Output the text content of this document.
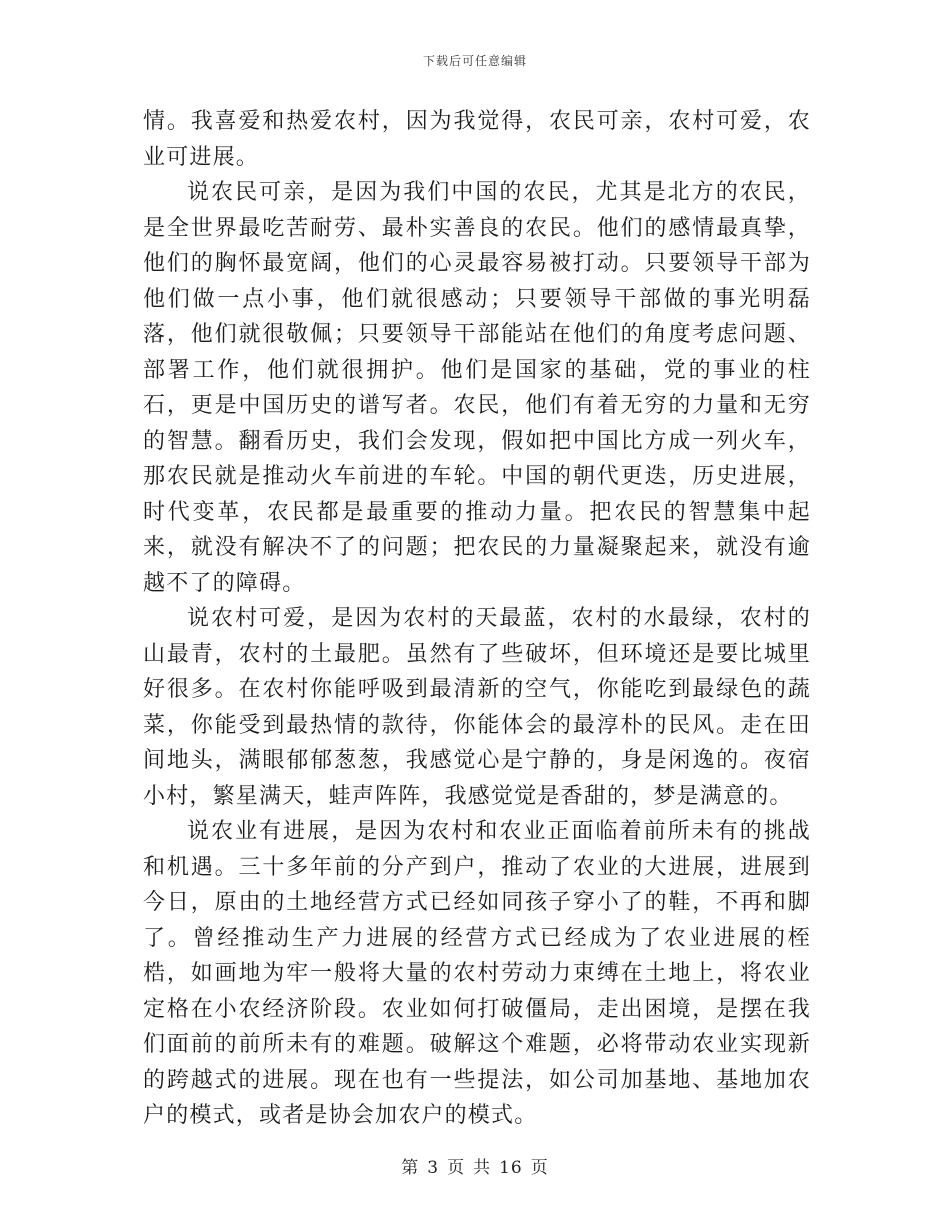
下载后可任意编辑

情。我喜爱和热爱农村，因为我觉得，农民可亲，农村可爱，农业可进展。

说农民可亲，是因为我们中国的农民，尤其是北方的农民，是全世界最吃苦耐劳、最朴实善良的农民。他们的感情最真挚，他们的胸怀最宽阔，他们的心灵最容易被打动。只要领导干部为他们做一点小事，他们就很感动；只要领导干部做的事光明磊落，他们就很敬佩；只要领导干部能站在他们的角度考虑问题、部署工作，他们就很拥护。他们是国家的基础，党的事业的柱石，更是中国历史的谱写者。农民，他们有着无穷的力量和无穷的智慧。翻看历史，我们会发现，假如把中国比方成一列火车，那农民就是推动火车前进的车轮。中国的朝代更迭，历史进展，时代变革，农民都是最重要的推动力量。把农民的智慧集中起来，就没有解决不了的问题；把农民的力量凝聚起来，就没有逾越不了的障碍。

说农村可爱，是因为农村的天最蓝，农村的水最绿，农村的山最青，农村的土最肥。虽然有了些破坏，但环境还是要比城里好很多。在农村你能呼吸到最清新的空气，你能吃到最绿色的蔬菜，你能受到最热情的款待，你能体会的最淳朴的民风。走在田间地头，满眼郁郁葱葱，我感觉心是宁静的，身是闲逸的。夜宿小村，繁星满天，蛙声阵阵，我感觉觉是香甜的，梦是满意的。

说农业有进展，是因为农村和农业正面临着前所未有的挑战和机遇。三十多年前的分产到户，推动了农业的大进展，进展到今日，原由的土地经营方式已经如同孩子穿小了的鞋，不再和脚了。曾经推动生产力进展的经营方式已经成为了农业进展的桎梏，如画地为牢一般将大量的农村劳动力束缚在土地上，将农业定格在小农经济阶段。农业如何打破僵局，走出困境，是摆在我们面前的前所未有的难题。破解这个难题，必将带动农业实现新的跨越式的进展。现在也有一些提法，如公司加基地、基地加农户的模式，或者是协会加农户的模式。

第 3 页 共 16 页
